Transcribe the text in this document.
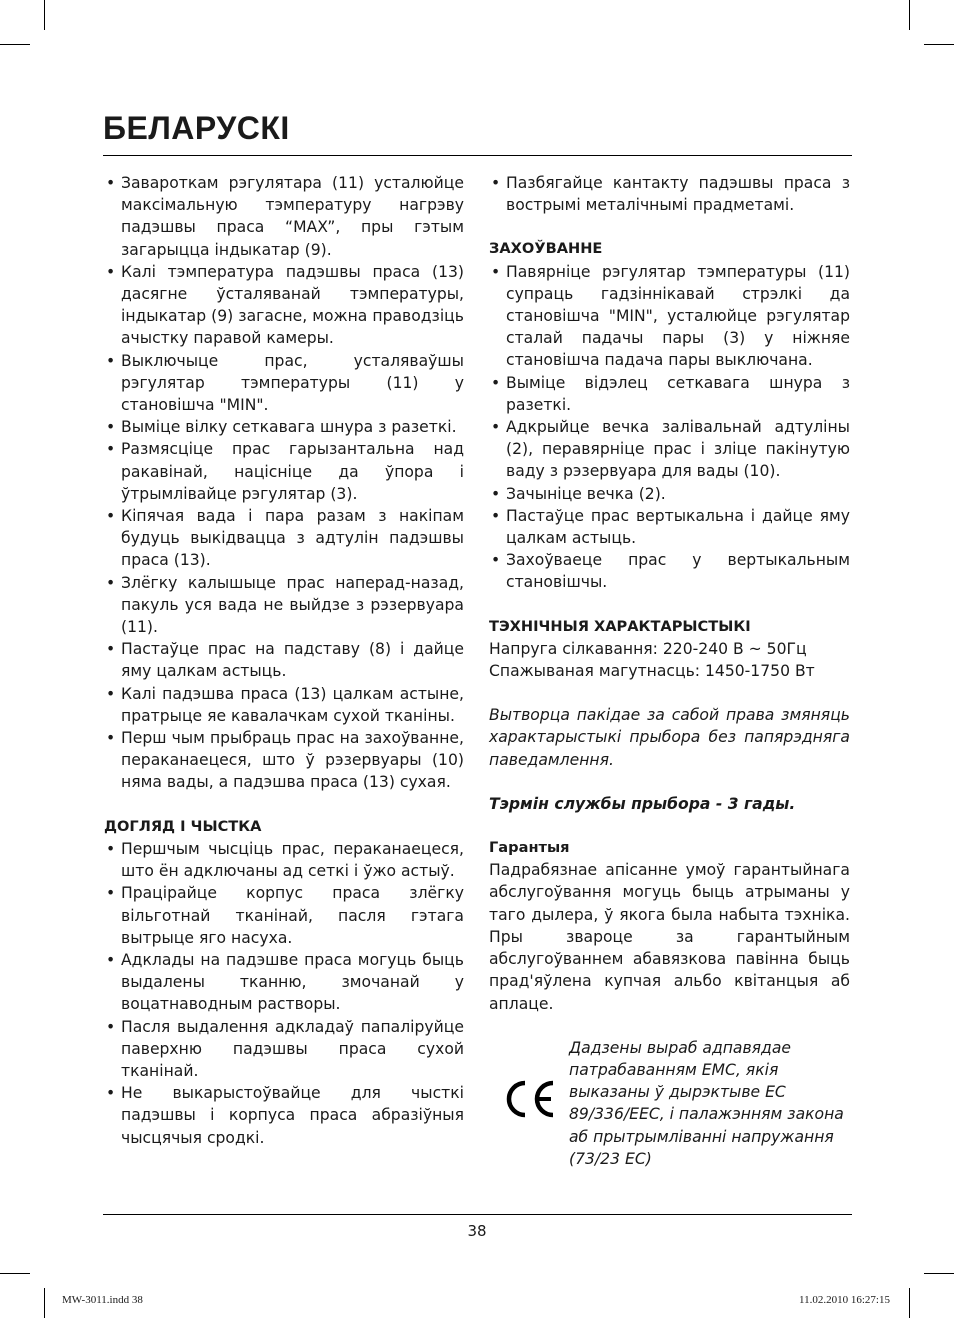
БЕЛАРУСКІ
• Завароткам рэгулятара (11) усталюйце максімальную тэмпературу нагрэву падэшвы праса “MAX”, пры гэтым загарыцца індыкатар (9).
• Калі тэмпература падэшвы праса (13) дасягне ўсталяванай тэмпературы, індыкатар (9) загасне, можна праводзіць ачыстку паравой камеры.
• Выключыце прас, усталяваўшы рэгулятар тэмпературы (11) у становішча "MIN".
• Выміце вілку сеткавага шнура з разеткі.
• Размясціце прас гарызантальна над ракавінай, націсніце да ўпора і ўтрымлівайце рэгулятар (3).
• Кіпячая вада і пара разам з накіпам будуць выкідвацца з адтулін падэшвы праса (13).
• Злёгку калышыце прас наперад-назад, пакуль уся вада не выйдзе з рэзервуара (11).
• Пастаўце прас на падставу (8) і дайце яму цалкам астыць.
• Калі падэшва праса (13) цалкам астыне, пратрыце яе кавалачкам сухой тканіны.
• Перш чым прыбраць прас на захоўванне, пераканаецеся, што ў рэзервуары (10) няма вады, а падэшва праса (13) сухая.

ДОГЛЯД І ЧЫСТКА

• Першчым чысціць прас, пераканаецеся, што ён адключаны ад сеткі і ўжо астыў.
• Працірайце корпус праса злёгку вільготнай тканінай, пасля гэтага вытрыце яго насуха.
• Адклады на падэшве праса могуць быць выдалены тканню, змочанай у воцатнаводным растворы.
• Пасля выдалення адкладаў папаліруйце паверхню падэшвы праса сухой тканінай.
• Не выкарыстоўвайце для чысткі падэшвы і корпуса праса абразіўныя чысцячыя сродкі.
• Пазбягайце кантакту падэшвы праса з вострымі металічнымі прадметамі.

ЗАХОЎВАННЕ

• Павярніце рэгулятар тэмпературы (11) супраць гадзіннікавай стрэлкі да становішча "MIN", усталюйце рэгулятар сталай падачы пары (3) у ніжняе становішча падача пары выключана.
• Выміце відэлец сеткавага шнура з разеткі.
• Адкрыйце вечка залівальнай адтуліны (2), перавярніце прас і зліце пакінутую ваду з рэзервуара для вады (10).
• Зачыніце вечка (2).
• Пастаўце прас вертыкальна і дайце яму цалкам астыць.
• Захоўваеце прас у вертыкальным становішчы.

ТЭХНІЧНЫЯ ХАРАКТАРЫСТЫКІ

Напруга сілкавання: 220-240 В ~ 50Гц

Спажываная магутнасць: 1450-1750 Вт

Вытворца пакідае за сабой права змяняць характарыстыкі прыбора без папярэдняга паведамлення.

Тэрмін службы прыбора - 3 гады.

Гарантыя

Падрабязнае апісанне умоў гарантыйнага абслугоўвання могуць быць атрыманы у таго дылера, ў якога была набыта тэхніка. Пры звароце за гарантыйным абслугоўваннем абавязкова павінна быць прад'яўлена купчая альбо квітанцыя аб аплаце.

Дадзены выраб адпавядае патрабаванням EMC, якія выказаны ў дырэктыве ЕС 89/336/EEC, і палажэнням закона аб прытрымліванні напружання (73/23 EC)

38
MW-3011.indd 38	11.02.2010 16:27:15
